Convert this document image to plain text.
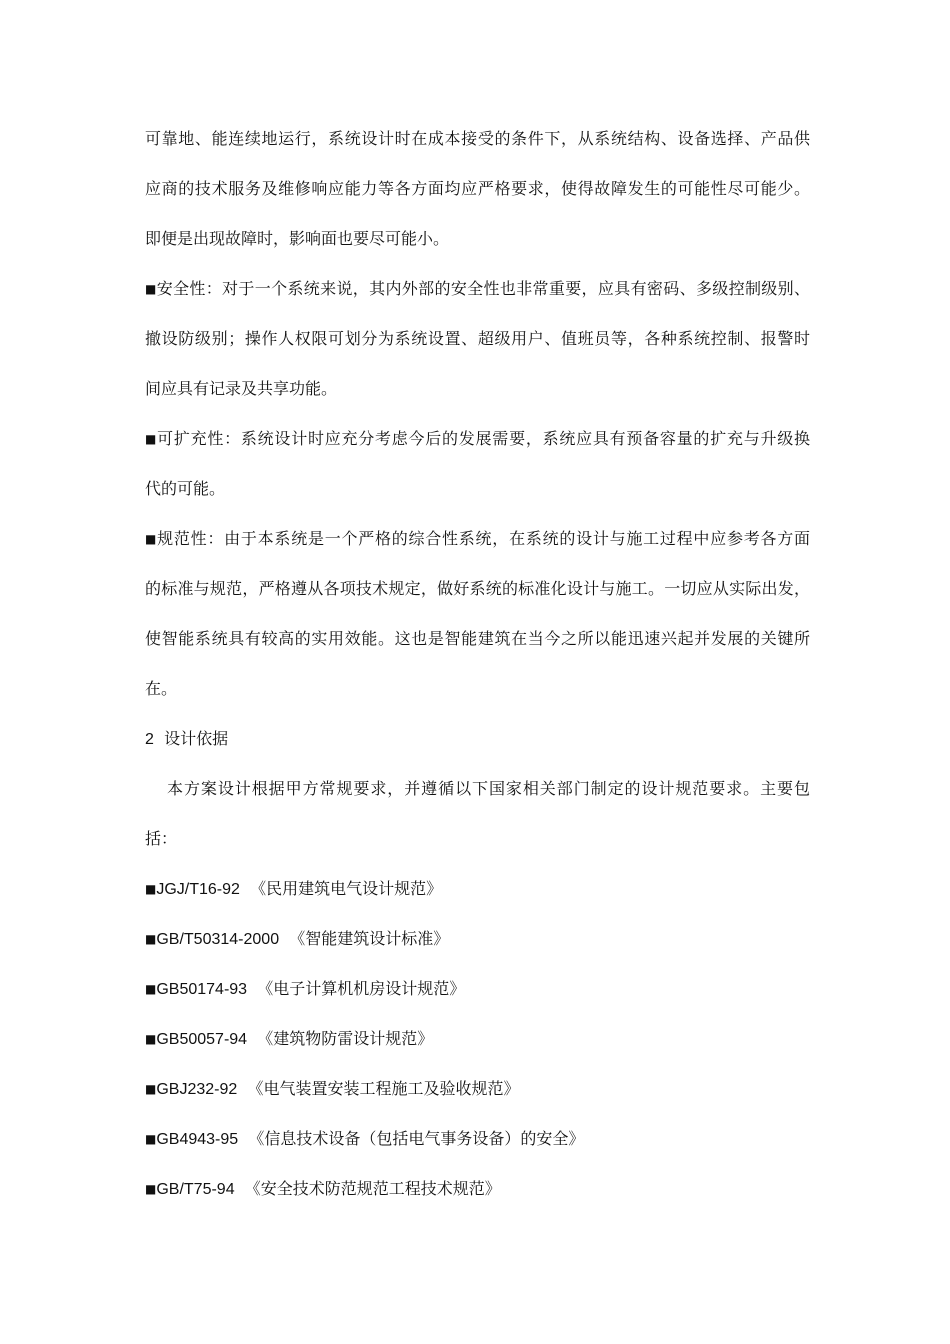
可靠地、能连续地运行，系统设计时在成本接受的条件下，从系统结构、设备选择、产品供
应商的技术服务及维修响应能力等各方面均应严格要求，使得故障发生的可能性尽可能少。
即便是出现故障时，影响面也要尽可能小。
■安全性：对于一个系统来说，其内外部的安全性也非常重要，应具有密码、多级控制级别、
撤设防级别；操作人权限可划分为系统设置、超级用户、值班员等，各种系统控制、报警时
间应具有记录及共享功能。
■可扩充性：系统设计时应充分考虑今后的发展需要，系统应具有预备容量的扩充与升级换
代的可能。
■规范性：由于本系统是一个严格的综合性系统，在系统的设计与施工过程中应参考各方面
的标准与规范，严格遵从各项技术规定，做好系统的标准化设计与施工。一切应从实际出发，
使智能系统具有较高的实用效能。这也是智能建筑在当今之所以能迅速兴起并发展的关键所
在。
2 设计依据
本方案设计根据甲方常规要求，并遵循以下国家相关部门制定的设计规范要求。主要包
括：
■JGJ/T16-92 《民用建筑电气设计规范》
■GB/T50314-2000 《智能建筑设计标准》
■GB50174-93 《电子计算机机房设计规范》
■GB50057-94 《建筑物防雷设计规范》
■GBJ232-92 《电气装置安装工程施工及验收规范》
■GB4943-95 《信息技术设备（包括电气事务设备）的安全》
■GB/T75-94 《安全技术防范规范工程技术规范》
